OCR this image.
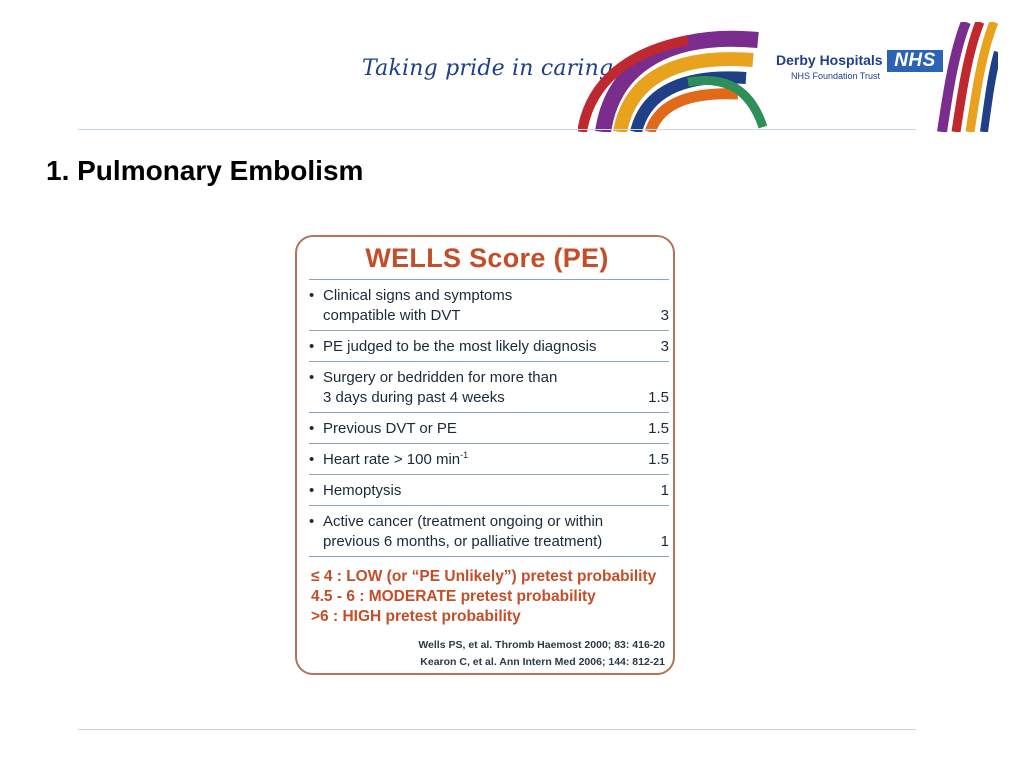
Taking pride in caring	Derby Hospitals
NHS Foundation Trust
NHS
1. Pulmonary Embolism
WELLS Score (PE)
• Clinical signs and symptoms
compatible with DVT	3
• PE judged to be the most likely diagnosis	3
• Surgery or bedridden for more than
3 days during past 4 weeks	1.5
• Previous DVT or PE	1.5
• Heart rate > 100 $\min^{-1}$	1.5
• Hemoptysis	1
• Active cancer (treatment ongoing or within
previous 6 months, or palliative treatment)	1
≤ 4 : LOW (or “PE Unlikely”) pretest probability
4.5 - 6 : MODERATE pretest probability
>6 : HIGH pretest probability
Wells PS, et al. Thromb Haemost 2000; 83: 416-20
Kearon C, et al. Ann Intern Med 2006; 144: 812-21
